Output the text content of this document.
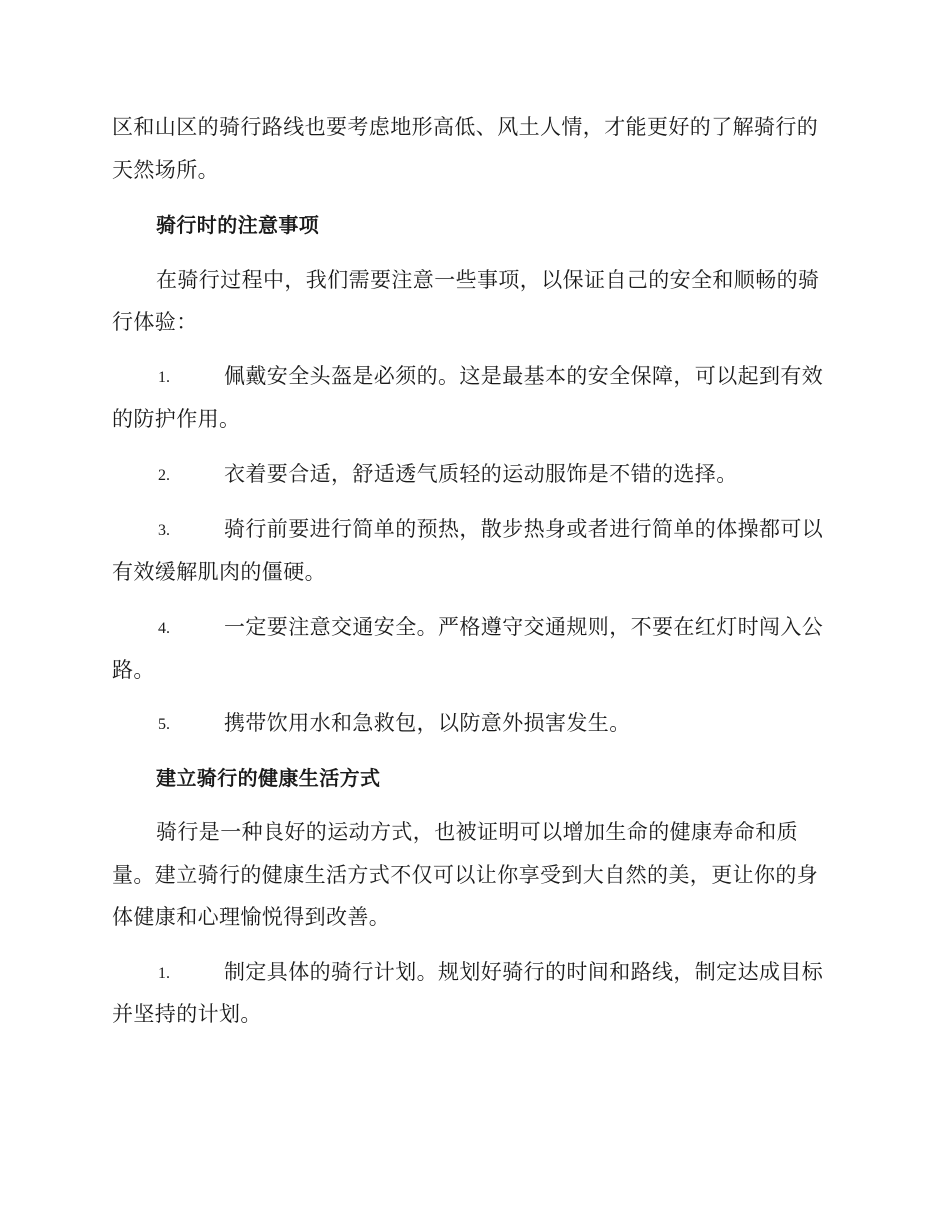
区和山区的骑行路线也要考虑地形高低、风土人情，才能更好的了解骑行的
天然场所。
骑行时的注意事项
在骑行过程中，我们需要注意一些事项，以保证自己的安全和顺畅的骑
行体验：
1.	佩戴安全头盔是必须的。这是最基本的安全保障，可以起到有效
的防护作用。
2.	衣着要合适，舒适透气质轻的运动服饰是不错的选择。
3.	骑行前要进行简单的预热，散步热身或者进行简单的体操都可以
有效缓解肌肉的僵硬。
4.	一定要注意交通安全。严格遵守交通规则，不要在红灯时闯入公
路。
5.	携带饮用水和急救包，以防意外损害发生。
建立骑行的健康生活方式
骑行是一种良好的运动方式，也被证明可以增加生命的健康寿命和质
量。建立骑行的健康生活方式不仅可以让你享受到大自然的美，更让你的身
体健康和心理愉悦得到改善。
1.	制定具体的骑行计划。规划好骑行的时间和路线，制定达成目标
并坚持的计划。
